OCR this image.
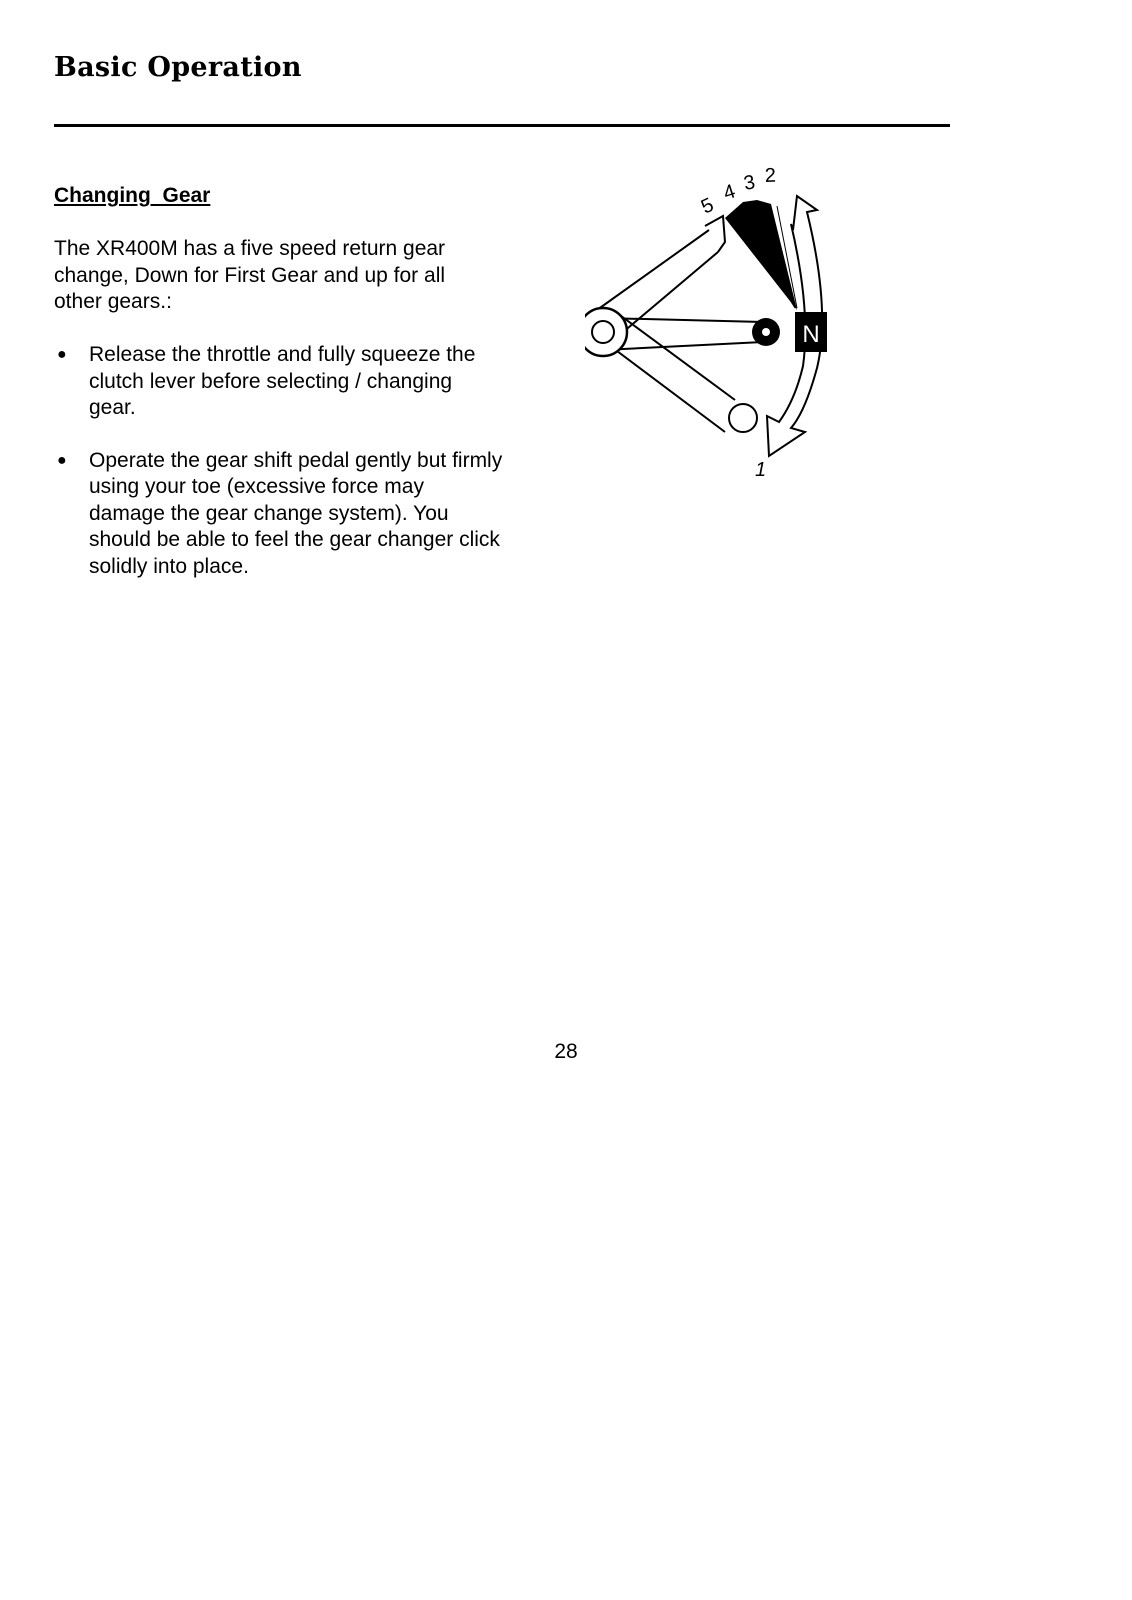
Basic Operation
Changing  Gear

The XR400M has a five speed return gear change, Down for First Gear and up for all other gears.:

● Release the throttle and fully squeeze the clutch lever before selecting / changing gear.
● Operate the gear shift pedal gently but firmly using your toe (excessive force may damage the gear change system). You should be able to feel the gear changer click solidly into place.
N
5
4 3 2
1
28
